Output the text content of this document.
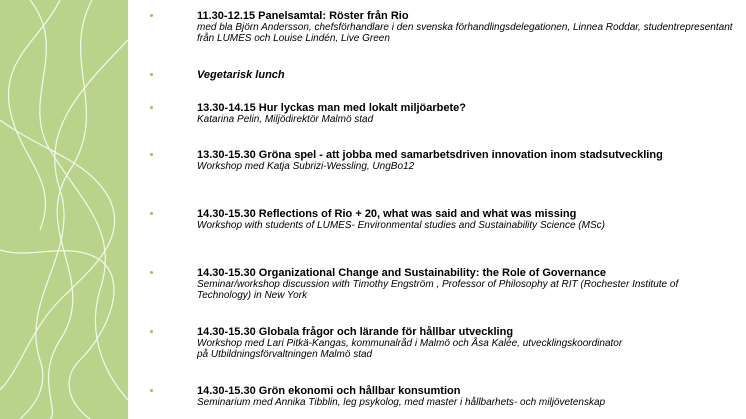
11.30-12.15 Panelsamtal: Röster från Rio

med bla Björn Andersson, chefsförhandlare i den svenska förhandlingsdelegationen, Linnea Roddar, studentrepresentant från LUMES och Louise Lindén, Live Green

Vegetarisk lunch

13.30-14.15 Hur lyckas man med lokalt miljöarbete?

Katarina Pelin, Miljödirektör Malmö stad

13.30-15.30 Gröna spel - att jobba med samarbetsdriven innovation inom stadsutveckling

Workshop med Katja Subrizi-Wessling, UngBo12

14.30-15.30 Reflections of Rio + 20, what was said and what was missing

Workshop with students of LUMES- Environmental studies and Sustainability Science (MSc)

14.30-15.30 Organizational Change and Sustainability: the Role of Governance

Seminar/workshop discussion with Timothy Engström , Professor of Philosophy at RIT (Rochester Institute of Technology) in New York

14.30-15.30 Globala frågor och lärande för hållbar utveckling

Workshop med Lari Pitkä-Kangas, kommunalråd i Malmö och Åsa Kalée, utvecklingskoordinator på Utbildningsförvaltningen Malmö stad

14.30-15.30 Grön ekonomi och hållbar konsumtion

Seminarium med Annika Tibblin, leg psykolog, med master i hållbarhets- och miljövetenskap
